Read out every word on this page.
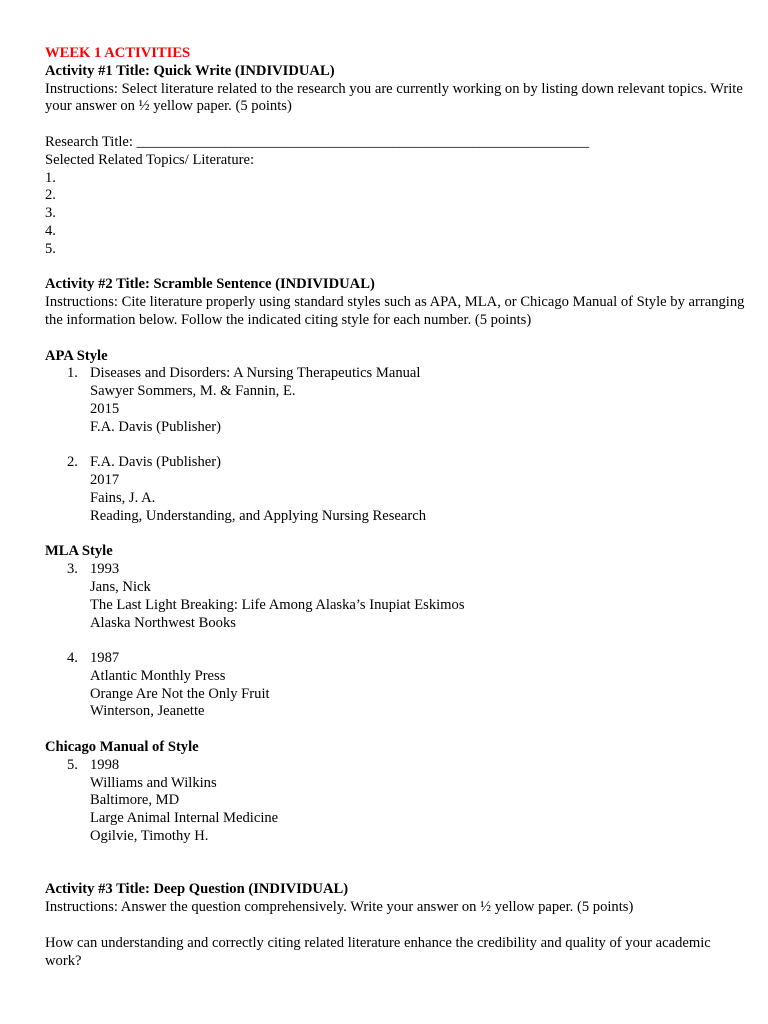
WEEK 1 ACTIVITIES
Activity #1 Title: Quick Write (INDIVIDUAL)
Instructions: Select literature related to the research you are currently working on by listing down relevant topics. Write your answer on ½ yellow paper. (5 points)
Research Title: ______________________________________________________________
Selected Related Topics/ Literature:
1.
2.
3.
4.
5.
Activity #2 Title: Scramble Sentence (INDIVIDUAL)
Instructions: Cite literature properly using standard styles such as APA, MLA, or Chicago Manual of Style by arranging the information below. Follow the indicated citing style for each number. (5 points)
APA Style
1. Diseases and Disorders: A Nursing Therapeutics Manual
Sawyer Sommers, M. & Fannin, E.
2015
F.A. Davis (Publisher)
2. F.A. Davis (Publisher)
2017
Fains, J. A.
Reading, Understanding, and Applying Nursing Research
MLA Style
3. 1993
Jans, Nick
The Last Light Breaking: Life Among Alaska’s Inupiat Eskimos
Alaska Northwest Books
4. 1987
Atlantic Monthly Press
Orange Are Not the Only Fruit
Winterson, Jeanette
Chicago Manual of Style
5. 1998
Williams and Wilkins
Baltimore, MD
Large Animal Internal Medicine
Ogilvie, Timothy H.
Activity #3 Title: Deep Question (INDIVIDUAL)
Instructions: Answer the question comprehensively. Write your answer on ½ yellow paper. (5 points)
How can understanding and correctly citing related literature enhance the credibility and quality of your academic work?
